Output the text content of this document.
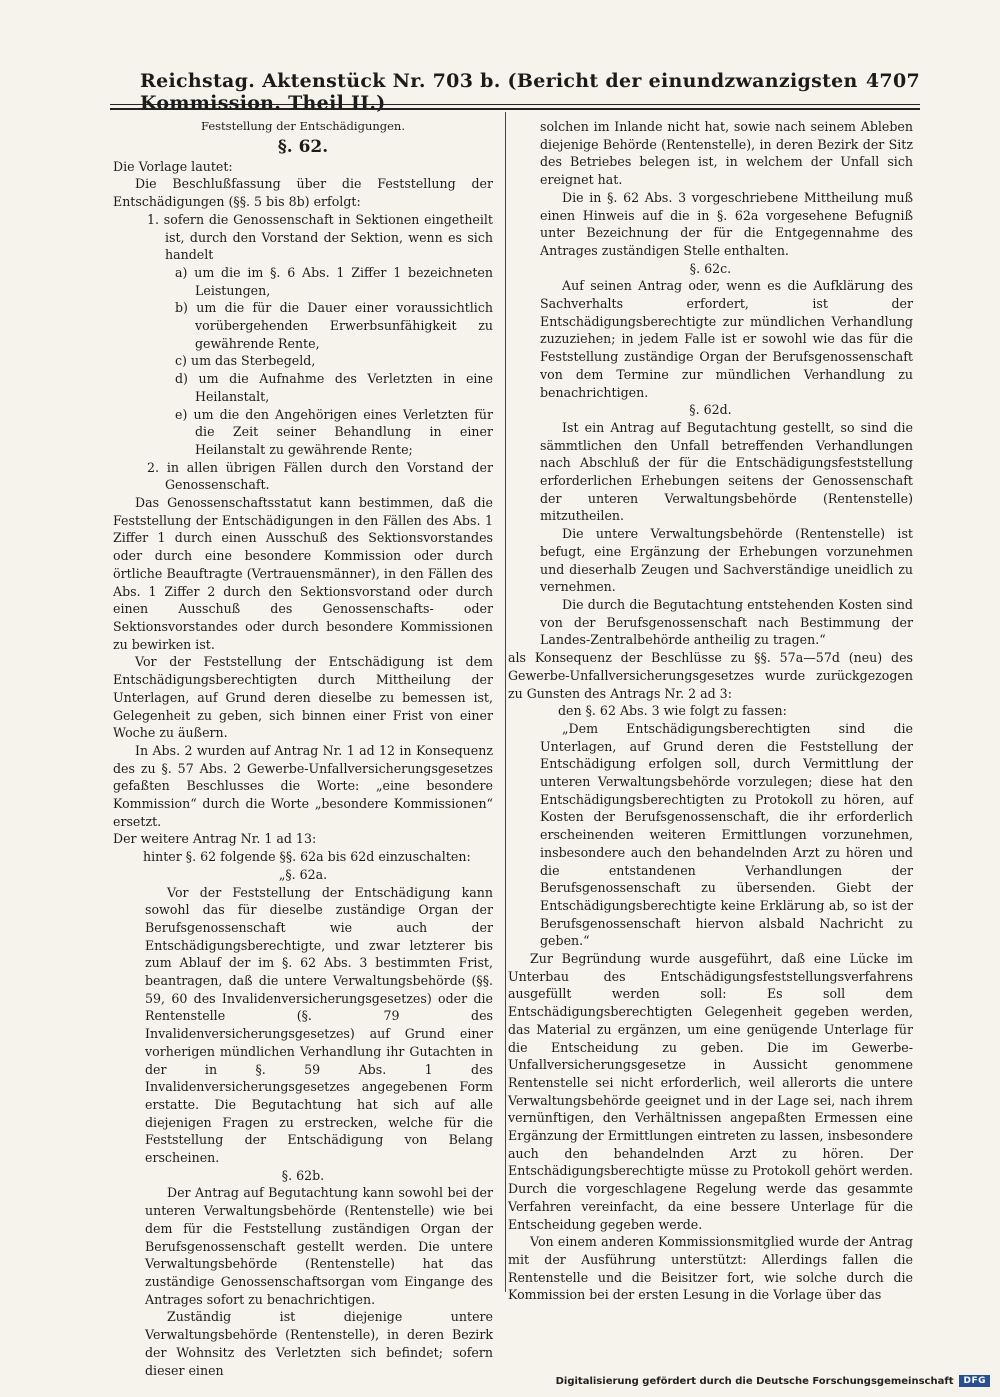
Reichstag. Aktenstück Nr. 703 b. (Bericht der einundzwanzigsten Kommission. Theil II.)
4707

Feststellung der Entschädigungen.

§. 62.

Die Vorlage lautet:

Die Beschlußfassung über die Feststellung der Entschädigungen (§§. 5 bis 8b) erfolgt:

1. sofern die Genossenschaft in Sektionen eingetheilt ist, durch den Vorstand der Sektion, wenn es sich handelt

a) um die im §. 6 Abs. 1 Ziffer 1 bezeichneten Leistungen,

b) um die für die Dauer einer voraussichtlich vorübergehenden Erwerbsunfähigkeit zu gewährende Rente,

c) um das Sterbegeld,

d) um die Aufnahme des Verletzten in eine Heilanstalt,

e) um die den Angehörigen eines Verletzten für die Zeit seiner Behandlung in einer Heilanstalt zu gewährende Rente;

2. in allen übrigen Fällen durch den Vorstand der Genossenschaft.

Das Genossenschaftsstatut kann bestimmen, daß die Feststellung der Entschädigungen in den Fällen des Abs. 1 Ziffer 1 durch einen Ausschuß des Sektionsvorstandes oder durch eine besondere Kommission oder durch örtliche Beauftragte (Vertrauensmänner), in den Fällen des Abs. 1 Ziffer 2 durch den Sektionsvorstand oder durch einen Ausschuß des Genossenschafts- oder Sektionsvorstandes oder durch besondere Kommissionen zu bewirken ist.

Vor der Feststellung der Entschädigung ist dem Entschädigungsberechtigten durch Mittheilung der Unterlagen, auf Grund deren dieselbe zu bemessen ist, Gelegenheit zu geben, sich binnen einer Frist von einer Woche zu äußern.

In Abs. 2 wurden auf Antrag Nr. 1 ad 12 in Konsequenz des zu §. 57 Abs. 2 Gewerbe-Unfallversicherungsgesetzes gefaßten Beschlusses die Worte: „eine besondere Kommission“ durch die Worte „besondere Kommissionen“ ersetzt.

Der weitere Antrag Nr. 1 ad 13:

hinter §. 62 folgende §§. 62a bis 62d einzuschalten:

„§. 62a.

Vor der Feststellung der Entschädigung kann sowohl das für dieselbe zuständige Organ der Berufsgenossenschaft wie auch der Entschädigungsberechtigte, und zwar letzterer bis zum Ablauf der im §. 62 Abs. 3 bestimmten Frist, beantragen, daß die untere Verwaltungsbehörde (§§. 59, 60 des Invalidenversicherungsgesetzes) oder die Rentenstelle (§. 79 des Invalidenversicherungsgesetzes) auf Grund einer vorherigen mündlichen Verhandlung ihr Gutachten in der in §. 59 Abs. 1 des Invalidenversicherungsgesetzes angegebenen Form erstatte. Die Begutachtung hat sich auf alle diejenigen Fragen zu erstrecken, welche für die Feststellung der Entschädigung von Belang erscheinen.

§. 62b.

Der Antrag auf Begutachtung kann sowohl bei der unteren Verwaltungsbehörde (Rentenstelle) wie bei dem für die Feststellung zuständigen Organ der Berufsgenossenschaft gestellt werden. Die untere Verwaltungsbehörde (Rentenstelle) hat das zuständige Genossenschaftsorgan vom Eingange des Antrages sofort zu benachrichtigen.

Zuständig ist diejenige untere Verwaltungsbehörde (Rentenstelle), in deren Bezirk der Wohnsitz des Verletzten sich befindet; sofern dieser einen

solchen im Inlande nicht hat, sowie nach seinem Ableben diejenige Behörde (Rentenstelle), in deren Bezirk der Sitz des Betriebes belegen ist, in welchem der Unfall sich ereignet hat.

Die in §. 62 Abs. 3 vorgeschriebene Mittheilung muß einen Hinweis auf die in §. 62a vorgesehene Befugniß unter Bezeichnung der für die Entgegennahme des Antrages zuständigen Stelle enthalten.

§. 62c.

Auf seinen Antrag oder, wenn es die Aufklärung des Sachverhalts erfordert, ist der Entschädigungsberechtigte zur mündlichen Verhandlung zuzuziehen; in jedem Falle ist er sowohl wie das für die Feststellung zuständige Organ der Berufsgenossenschaft von dem Termine zur mündlichen Verhandlung zu benachrichtigen.

§. 62d.

Ist ein Antrag auf Begutachtung gestellt, so sind die sämmtlichen den Unfall betreffenden Verhandlungen nach Abschluß der für die Entschädigungsfeststellung erforderlichen Erhebungen seitens der Genossenschaft der unteren Verwaltungsbehörde (Rentenstelle) mitzutheilen.

Die untere Verwaltungsbehörde (Rentenstelle) ist befugt, eine Ergänzung der Erhebungen vorzunehmen und dieserhalb Zeugen und Sachverständige uneidlich zu vernehmen.

Die durch die Begutachtung entstehenden Kosten sind von der Berufsgenossenschaft nach Bestimmung der Landes-Zentralbehörde antheilig zu tragen.“

als Konsequenz der Beschlüsse zu §§. 57a—57d (neu) des Gewerbe-Unfallversicherungsgesetzes wurde zurückgezogen zu Gunsten des Antrags Nr. 2 ad 3:

den §. 62 Abs. 3 wie folgt zu fassen:

„Dem Entschädigungsberechtigten sind die Unterlagen, auf Grund deren die Feststellung der Entschädigung erfolgen soll, durch Vermittlung der unteren Verwaltungsbehörde vorzulegen; diese hat den Entschädigungsberechtigten zu Protokoll zu hören, auf Kosten der Berufsgenossenschaft, die ihr erforderlich erscheinenden weiteren Ermittlungen vorzunehmen, insbesondere auch den behandelnden Arzt zu hören und die entstandenen Verhandlungen der Berufsgenossenschaft zu übersenden. Giebt der Entschädigungsberechtigte keine Erklärung ab, so ist der Berufsgenossenschaft hiervon alsbald Nachricht zu geben.“

Zur Begründung wurde ausgeführt, daß eine Lücke im Unterbau des Entschädigungsfeststellungsverfahrens ausgefüllt werden soll: Es soll dem Entschädigungsberechtigten Gelegenheit gegeben werden, das Material zu ergänzen, um eine genügende Unterlage für die Entscheidung zu geben. Die im Gewerbe-Unfallversicherungsgesetze in Aussicht genommene Rentenstelle sei nicht erforderlich, weil allerorts die untere Verwaltungsbehörde geeignet und in der Lage sei, nach ihrem vernünftigen, den Verhältnissen angepaßten Ermessen eine Ergänzung der Ermittlungen eintreten zu lassen, insbesondere auch den behandelnden Arzt zu hören. Der Entschädigungsberechtigte müsse zu Protokoll gehört werden. Durch die vorgeschlagene Regelung werde das gesammte Verfahren vereinfacht, da eine bessere Unterlage für die Entscheidung gegeben werde.

Von einem anderen Kommissionsmitglied wurde der Antrag mit der Ausführung unterstützt: Allerdings fallen die Rentenstelle und die Beisitzer fort, wie solche durch die Kommission bei der ersten Lesung in die Vorlage über das

Digitalisierung gefördert durch die Deutsche Forschungsgemeinschaft	DFG
